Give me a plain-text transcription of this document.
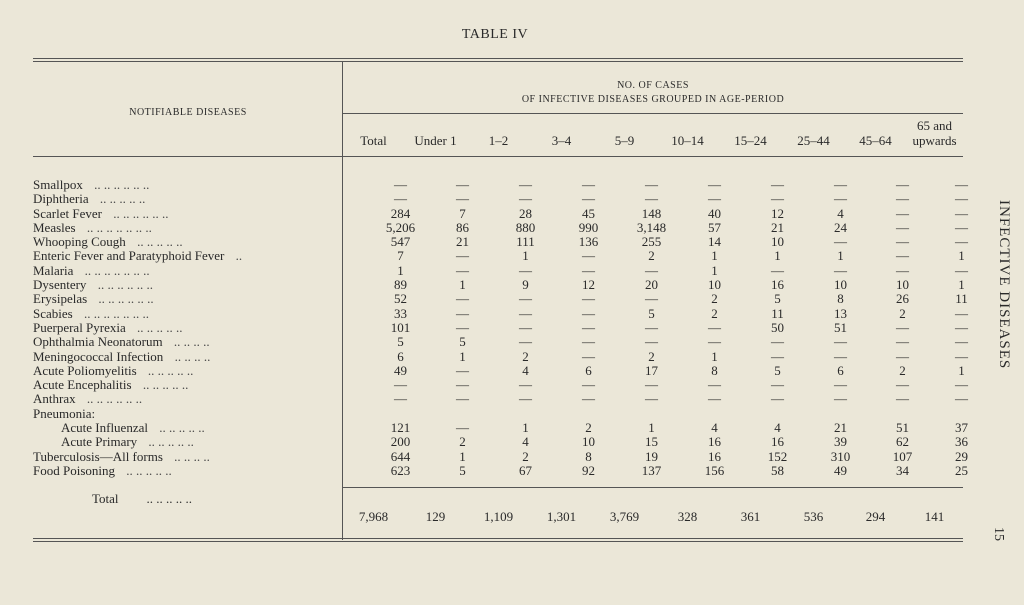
TABLE IV
NOTIFIABLE DISEASES
NO. OF CASES
OF INFECTIVE DISEASES GROUPED IN AGE-PERIOD
Total	Under 1	1–2	3–4	5–9	10–14	15–24	25–44	45–64
65 and
upwards
Smallpox .. .. .. .. .. ..	—	—	—	—	—	—	—	—	—	—
Diphtheria .. .. .. .. ..	—	—	—	—	—	—	—	—	—	—
Scarlet Fever .. .. .. .. .. ..	284	7	28	45	148	40	12	4	—	—
Measles .. .. .. .. .. .. ..	5,206	86	880	990	3,148	57	21	24	—	—
Whooping Cough .. .. .. .. ..	547	21	111	136	255	14	10	—	—	—
Enteric Fever and Paratyphoid Fever ..	7	—	1	—	2	1	1	1	—	1
Malaria .. .. .. .. .. .. ..	1	—	—	—	—	1	—	—	—	—
Dysentery .. .. .. .. .. ..	89	1	9	12	20	10	16	10	10	1
Erysipelas .. .. .. .. .. ..	52	—	—	—	—	2	5	8	26	11
Scabies .. .. .. .. .. .. ..	33	—	—	—	5	2	11	13	2	—
Puerperal Pyrexia .. .. .. .. ..	101	—	—	—	—	—	50	51	—	—
Ophthalmia Neonatorum .. .. .. ..	5	5	—	—	—	—	—	—	—	—
Meningococcal Infection .. .. .. ..	6	1	2	—	2	1	—	—	—	—
Acute Poliomyelitis .. .. .. .. ..	49	—	4	6	17	8	5	6	2	1
Acute Encephalitis .. .. .. .. ..	—	—	—	—	—	—	—	—	—	—
Anthrax .. .. .. .. .. ..	—	—	—	—	—	—	—	—	—	—
Pneumonia:										
Acute Influenzal .. .. .. .. ..	121	—	1	2	1	4	4	21	51	37
Acute Primary .. .. .. .. ..	200	2	4	10	15	16	16	39	62	36
Tuberculosis—All forms .. .. .. ..	644	1	2	8	19	16	152	310	107	29
Food Poisoning .. .. .. .. ..	623	5	67	92	137	156	58	49	34	25
Total .. .. .. .. ..
7,968	129	1,109	1,301	3,769	328	361	536	294	141
INFECTIVE DISEASES
15
